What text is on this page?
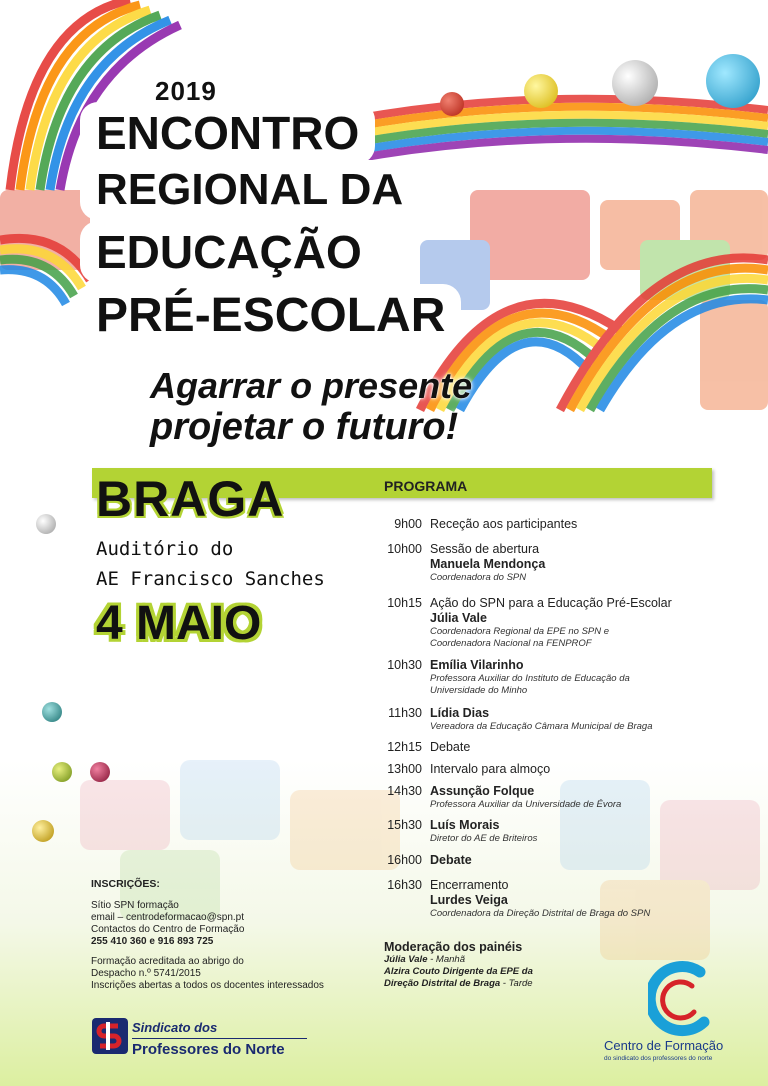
2019
ENCONTRO
REGIONAL DA
EDUCAÇÃO
PRÉ-ESCOLAR
Agarrar o presente
projetar o futuro!
BRAGA	PROGRAMA
Auditório do
AE Francisco Sanches
4 MAIO
9h00 Receção aos participantes
10h00 Sessão de abertura
Manuela Mendonça
Coordenadora do SPN
10h15 Ação do SPN para a Educação Pré-Escolar
Júlia Vale
Coordenadora Regional da EPE no SPN e
Coordenadora Nacional na FENPROF
10h30 Emília Vilarinho
Professora Auxiliar do Instituto de Educação da
Universidade do Minho
11h30 Lídia Dias
Vereadora da Educação Câmara Municipal de Braga
12h15 Debate
13h00 Intervalo para almoço
14h30 Assunção Folque
Professora Auxiliar da Universidade de Évora
15h30 Luís Morais
Diretor do AE de Briteiros
16h00 Debate
16h30 Encerramento
Lurdes Veiga
Coordenadora da Direção Distrital de Braga do SPN
Moderação dos painéis
Júlia Vale - Manhã
Alzira Couto Dirigente da EPE da
Direção Distrital de Braga - Tarde
INSCRIÇÕES:
Sítio SPN formação
email – centrodeformacao@spn.pt
Contactos do Centro de Formação
255 410 360 e 916 893 725
Formação acreditada ao abrigo do
Despacho n.º 5741/2015
Inscrições abertas a todos os docentes interessados
Sindicato dos
Professores do Norte	Centro de Formação
do sindicato dos professores do norte
